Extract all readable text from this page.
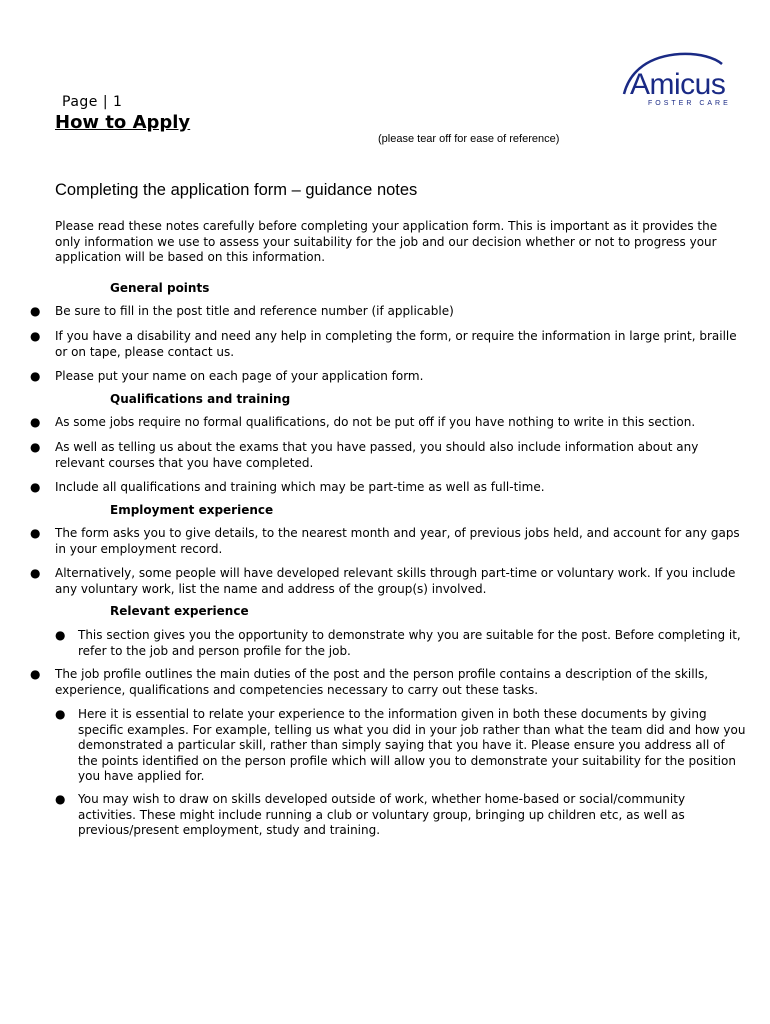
Amicus
FOSTER CARE
Page | 1
How to Apply
(please tear off for ease of reference)
Completing the application form – guidance notes
Please read these notes carefully before completing your application form. This is important as it provides the only information we use to assess your suitability for the job and our decision whether or not to progress your application will be based on this information.
General points
● Be sure to fill in the post title and reference number (if applicable)
● If you have a disability and need any help in completing the form, or require the information in large print, braille or on tape, please contact us.
● Please put your name on each page of your application form.
Qualifications and training
● As some jobs require no formal qualifications, do not be put off if you have nothing to write in this section.
● As well as telling us about the exams that you have passed, you should also include information about any relevant courses that you have completed.
● Include all qualifications and training which may be part-time as well as full-time.
Employment experience
● The form asks you to give details, to the nearest month and year, of previous jobs held, and account for any gaps in your employment record.
● Alternatively, some people will have developed relevant skills through part-time or voluntary work. If you include any voluntary work, list the name and address of the group(s) involved.
Relevant experience
● This section gives you the opportunity to demonstrate why you are suitable for the post. Before completing it, refer to the job and person profile for the job.
● The job profile outlines the main duties of the post and the person profile contains a description of the skills, experience, qualifications and competencies necessary to carry out these tasks.
● Here it is essential to relate your experience to the information given in both these documents by giving specific examples. For example, telling us what you did in your job rather than what the team did and how you demonstrated a particular skill, rather than simply saying that you have it. Please ensure you address all of the points identified on the person profile which will allow you to demonstrate your suitability for the position you have applied for.
● You may wish to draw on skills developed outside of work, whether home-based or social/community activities. These might include running a club or voluntary group, bringing up children etc, as well as previous/present employment, study and training.
